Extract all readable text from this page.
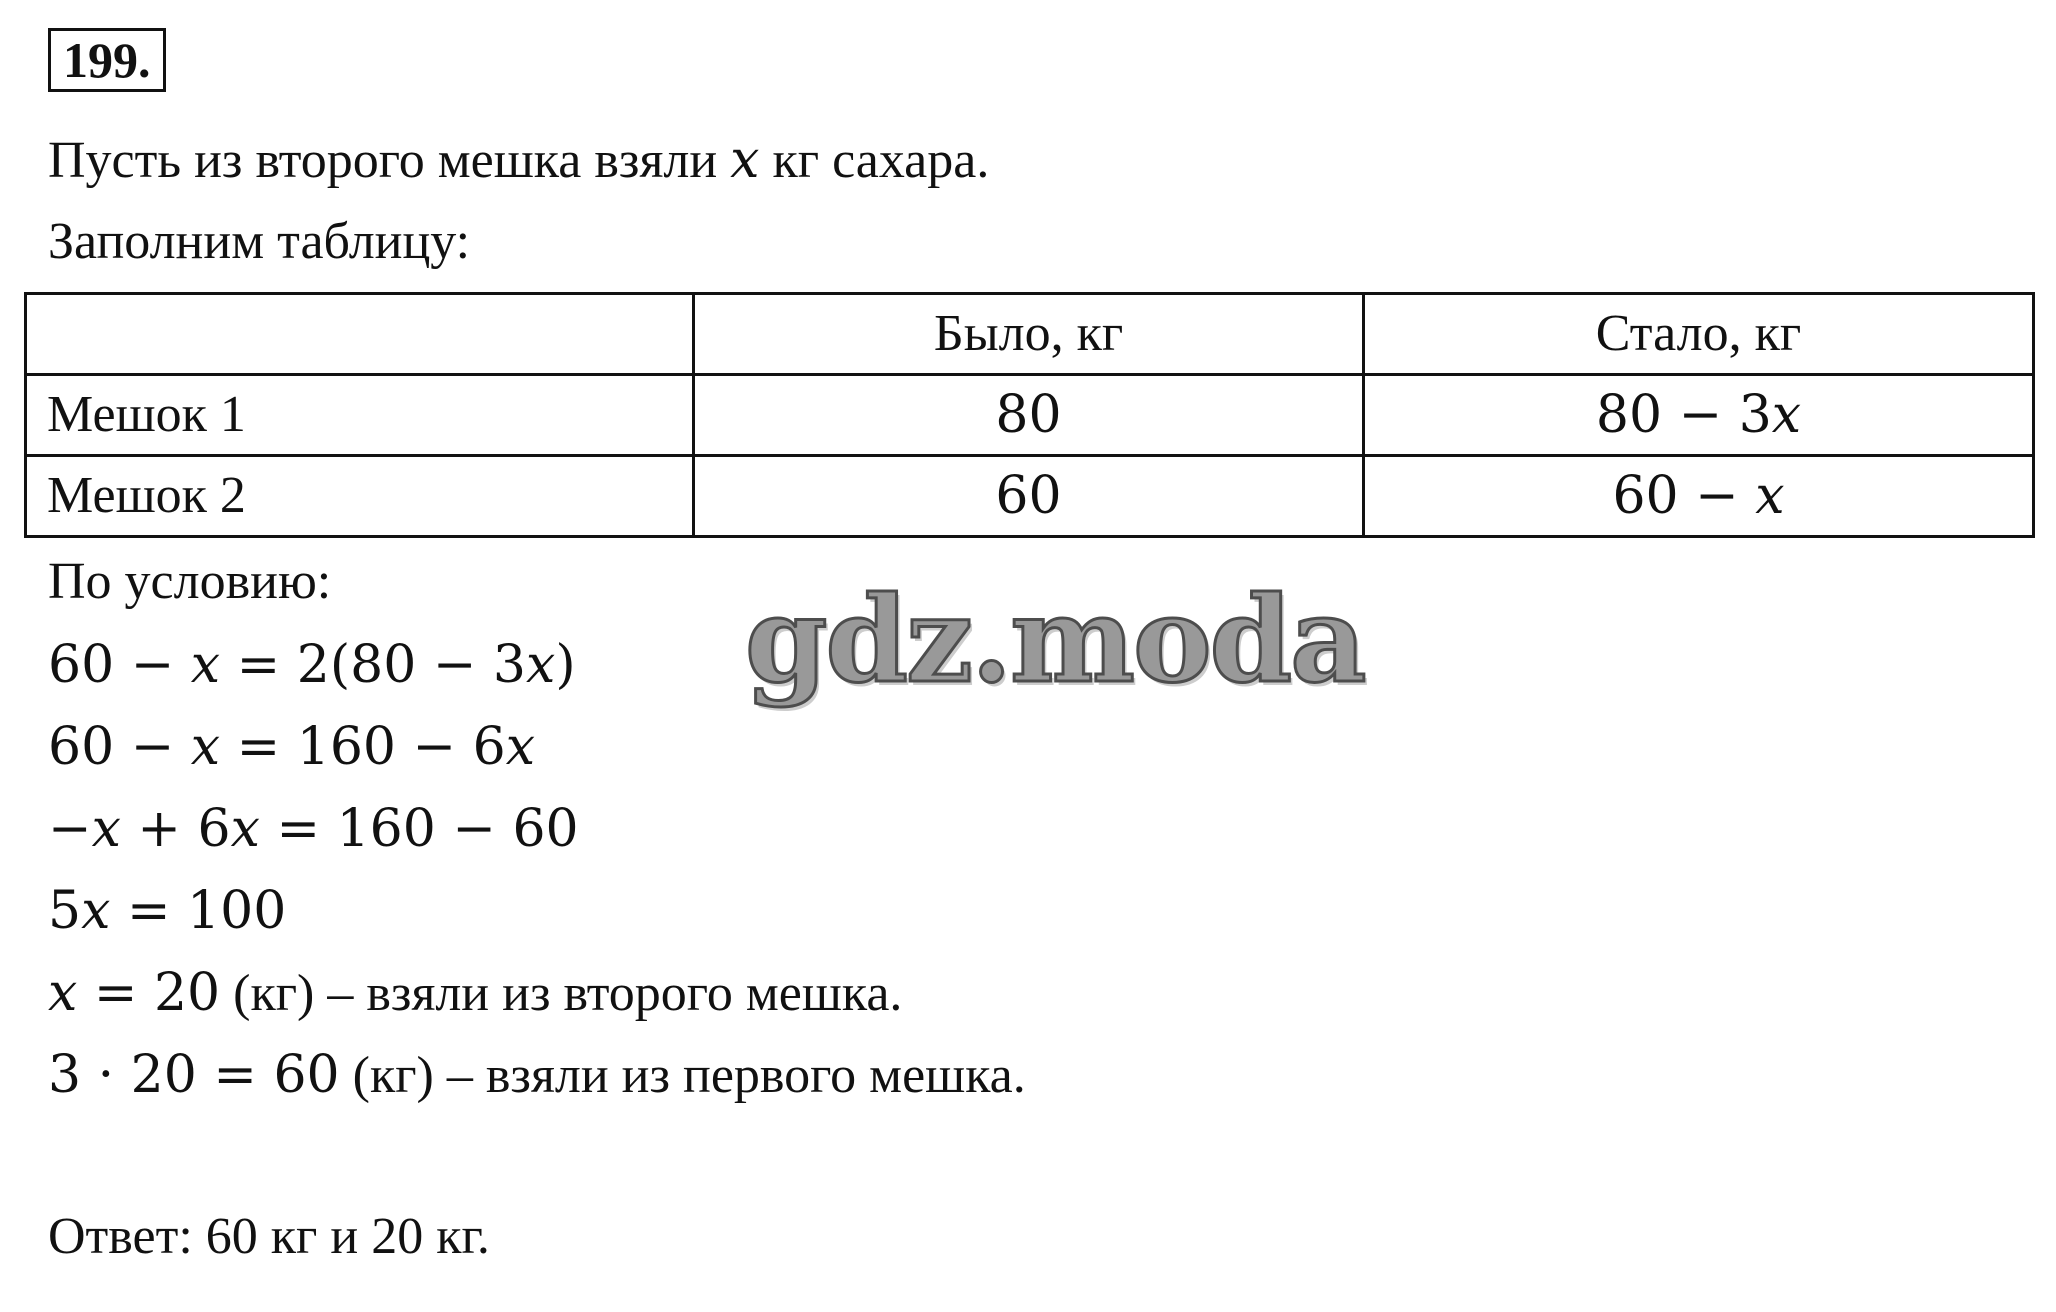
199.
Пусть из второго мешка взяли x кг сахара.
Заполним таблицу:
	Было, кг	Стало, кг
Мешок 1	80	80 − 3x
Мешок 2	60	60 − x
По условию:
60 − x = 2(80 − 3x)
60 − x = 160 − 6x
−x + 6x = 160 − 60
5x = 100
x = 20 (кг) – взяли из второго мешка.
3 · 20 = 60 (кг) – взяли из первого мешка.
Ответ: 60 кг и 20 кг.
gdz.moda
